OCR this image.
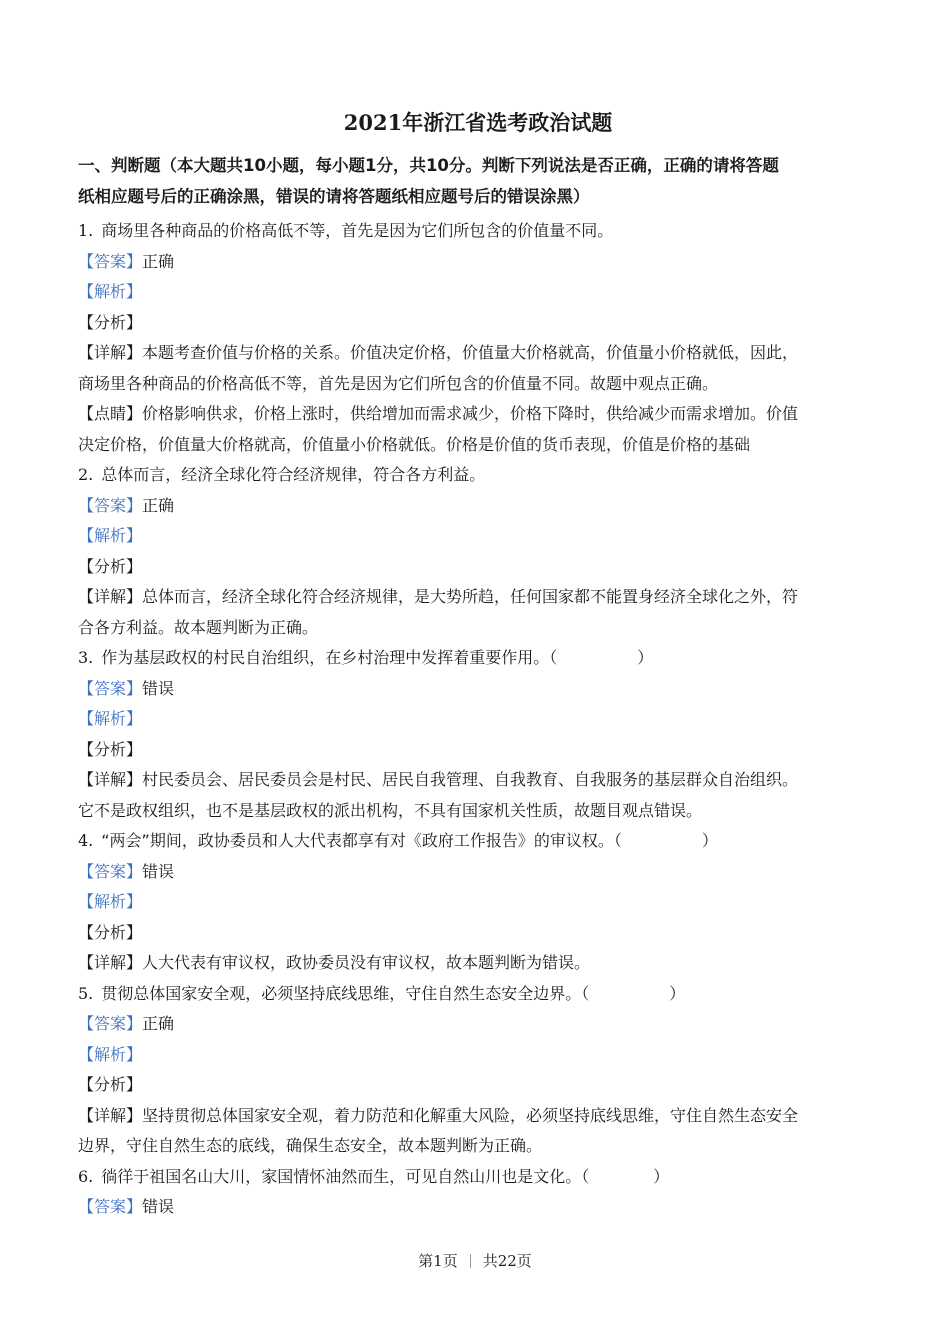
2021年浙江省选考政治试题
一、判断题（本大题共10小题，每小题1分，共10分。判断下列说法是否正确，正确的请将答题
纸相应题号后的正确涂黑，错误的请将答题纸相应题号后的错误涂黑）
1. 商场里各种商品的价格高低不等，首先是因为它们所包含的价值量不同。
【答案】正确
【解析】
【分析】
【详解】本题考查价值与价格的关系。价值决定价格，价值量大价格就高，价值量小价格就低，因此，
商场里各种商品的价格高低不等，首先是因为它们所包含的价值量不同。故题中观点正确。
【点睛】价格影响供求，价格上涨时，供给增加而需求减少，价格下降时，供给减少而需求增加。价值
决定价格，价值量大价格就高，价值量小价格就低。价格是价值的货币表现，价值是价格的基础
2. 总体而言，经济全球化符合经济规律，符合各方利益。
【答案】正确
【解析】
【分析】
【详解】总体而言，经济全球化符合经济规律，是大势所趋，任何国家都不能置身经济全球化之外，符
合各方利益。故本题判断为正确。
3. 作为基层政权的村民自治组织，在乡村治理中发挥着重要作用。（	）
【答案】错误
【解析】
【分析】
【详解】村民委员会、居民委员会是村民、居民自我管理、自我教育、自我服务的基层群众自治组织。
它不是政权组织，也不是基层政权的派出机构，不具有国家机关性质，故题目观点错误。
4. “两会”期间，政协委员和人大代表都享有对《政府工作报告》的审议权。（	）
【答案】错误
【解析】
【分析】
【详解】人大代表有审议权，政协委员没有审议权，故本题判断为错误。
5. 贯彻总体国家安全观，必须坚持底线思维，守住自然生态安全边界。（	）
【答案】正确
【解析】
【分析】
【详解】坚持贯彻总体国家安全观，着力防范和化解重大风险，必须坚持底线思维，守住自然生态安全
边界，守住自然生态的底线，确保生态安全，故本题判断为正确。
6. 徜徉于祖国名山大川，家国情怀油然而生，可见自然山川也是文化。（	）
【答案】错误
第1页 共22页
